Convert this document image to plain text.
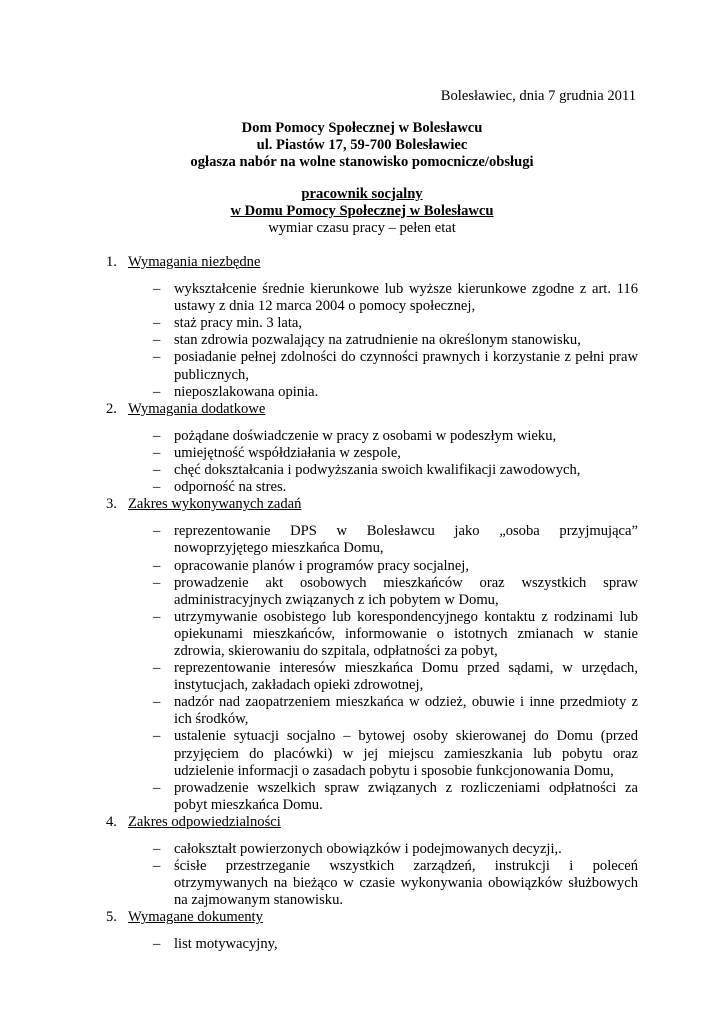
Bolesławiec, dnia 7 grudnia 2011
Dom Pomocy Społecznej w Bolesławcu
ul. Piastów 17, 59-700 Bolesławiec
ogłasza nabór na wolne stanowisko pomocnicze/obsługi
pracownik socjalny
w Domu Pomocy Społecznej w Bolesławcu
wymiar czasu pracy – pełen etat
1. Wymagania niezbędne
– wykształcenie średnie kierunkowe lub wyższe kierunkowe zgodne z art. 116 ustawy z dnia 12 marca 2004 o pomocy społecznej,
– staż pracy min. 3 lata,
– stan zdrowia pozwalający na zatrudnienie na określonym stanowisku,
– posiadanie pełnej zdolności do czynności prawnych i korzystanie z pełni praw publicznych,
– nieposzlakowana opinia.
2. Wymagania dodatkowe
– pożądane doświadczenie w pracy z osobami w podeszłym wieku,
– umiejętność współdziałania w zespole,
– chęć dokształcania i podwyższania swoich kwalifikacji zawodowych,
– odporność na stres.
3. Zakres wykonywanych zadań
– reprezentowanie DPS w Bolesławcu jako „osoba przyjmująca” nowoprzyjętego mieszkańca Domu,
– opracowanie planów i programów pracy socjalnej,
– prowadzenie akt osobowych mieszkańców oraz wszystkich spraw administracyjnych związanych z ich pobytem w Domu,
– utrzymywanie osobistego lub korespondencyjnego kontaktu z rodzinami lub opiekunami mieszkańców, informowanie o istotnych zmianach w stanie zdrowia, skierowaniu do szpitala, odpłatności za pobyt,
– reprezentowanie interesów mieszkańca Domu przed sądami, w urzędach, instytucjach, zakładach opieki zdrowotnej,
– nadzór nad zaopatrzeniem mieszkańca w odzież, obuwie i inne przedmioty z ich środków,
– ustalenie sytuacji socjalno – bytowej osoby skierowanej do Domu (przed przyjęciem do placówki) w jej miejscu zamieszkania lub pobytu oraz udzielenie informacji o zasadach pobytu i sposobie funkcjonowania Domu,
– prowadzenie wszelkich spraw związanych z rozliczeniami odpłatności za pobyt mieszkańca Domu.
4. Zakres odpowiedzialności
– całokształt powierzonych obowiązków i podejmowanych decyzji,.
– ścisłe przestrzeganie wszystkich zarządzeń, instrukcji i poleceń otrzymywanych na bieżąco w czasie wykonywania obowiązków służbowych na zajmowanym stanowisku.
5. Wymagane dokumenty
– list motywacyjny,
